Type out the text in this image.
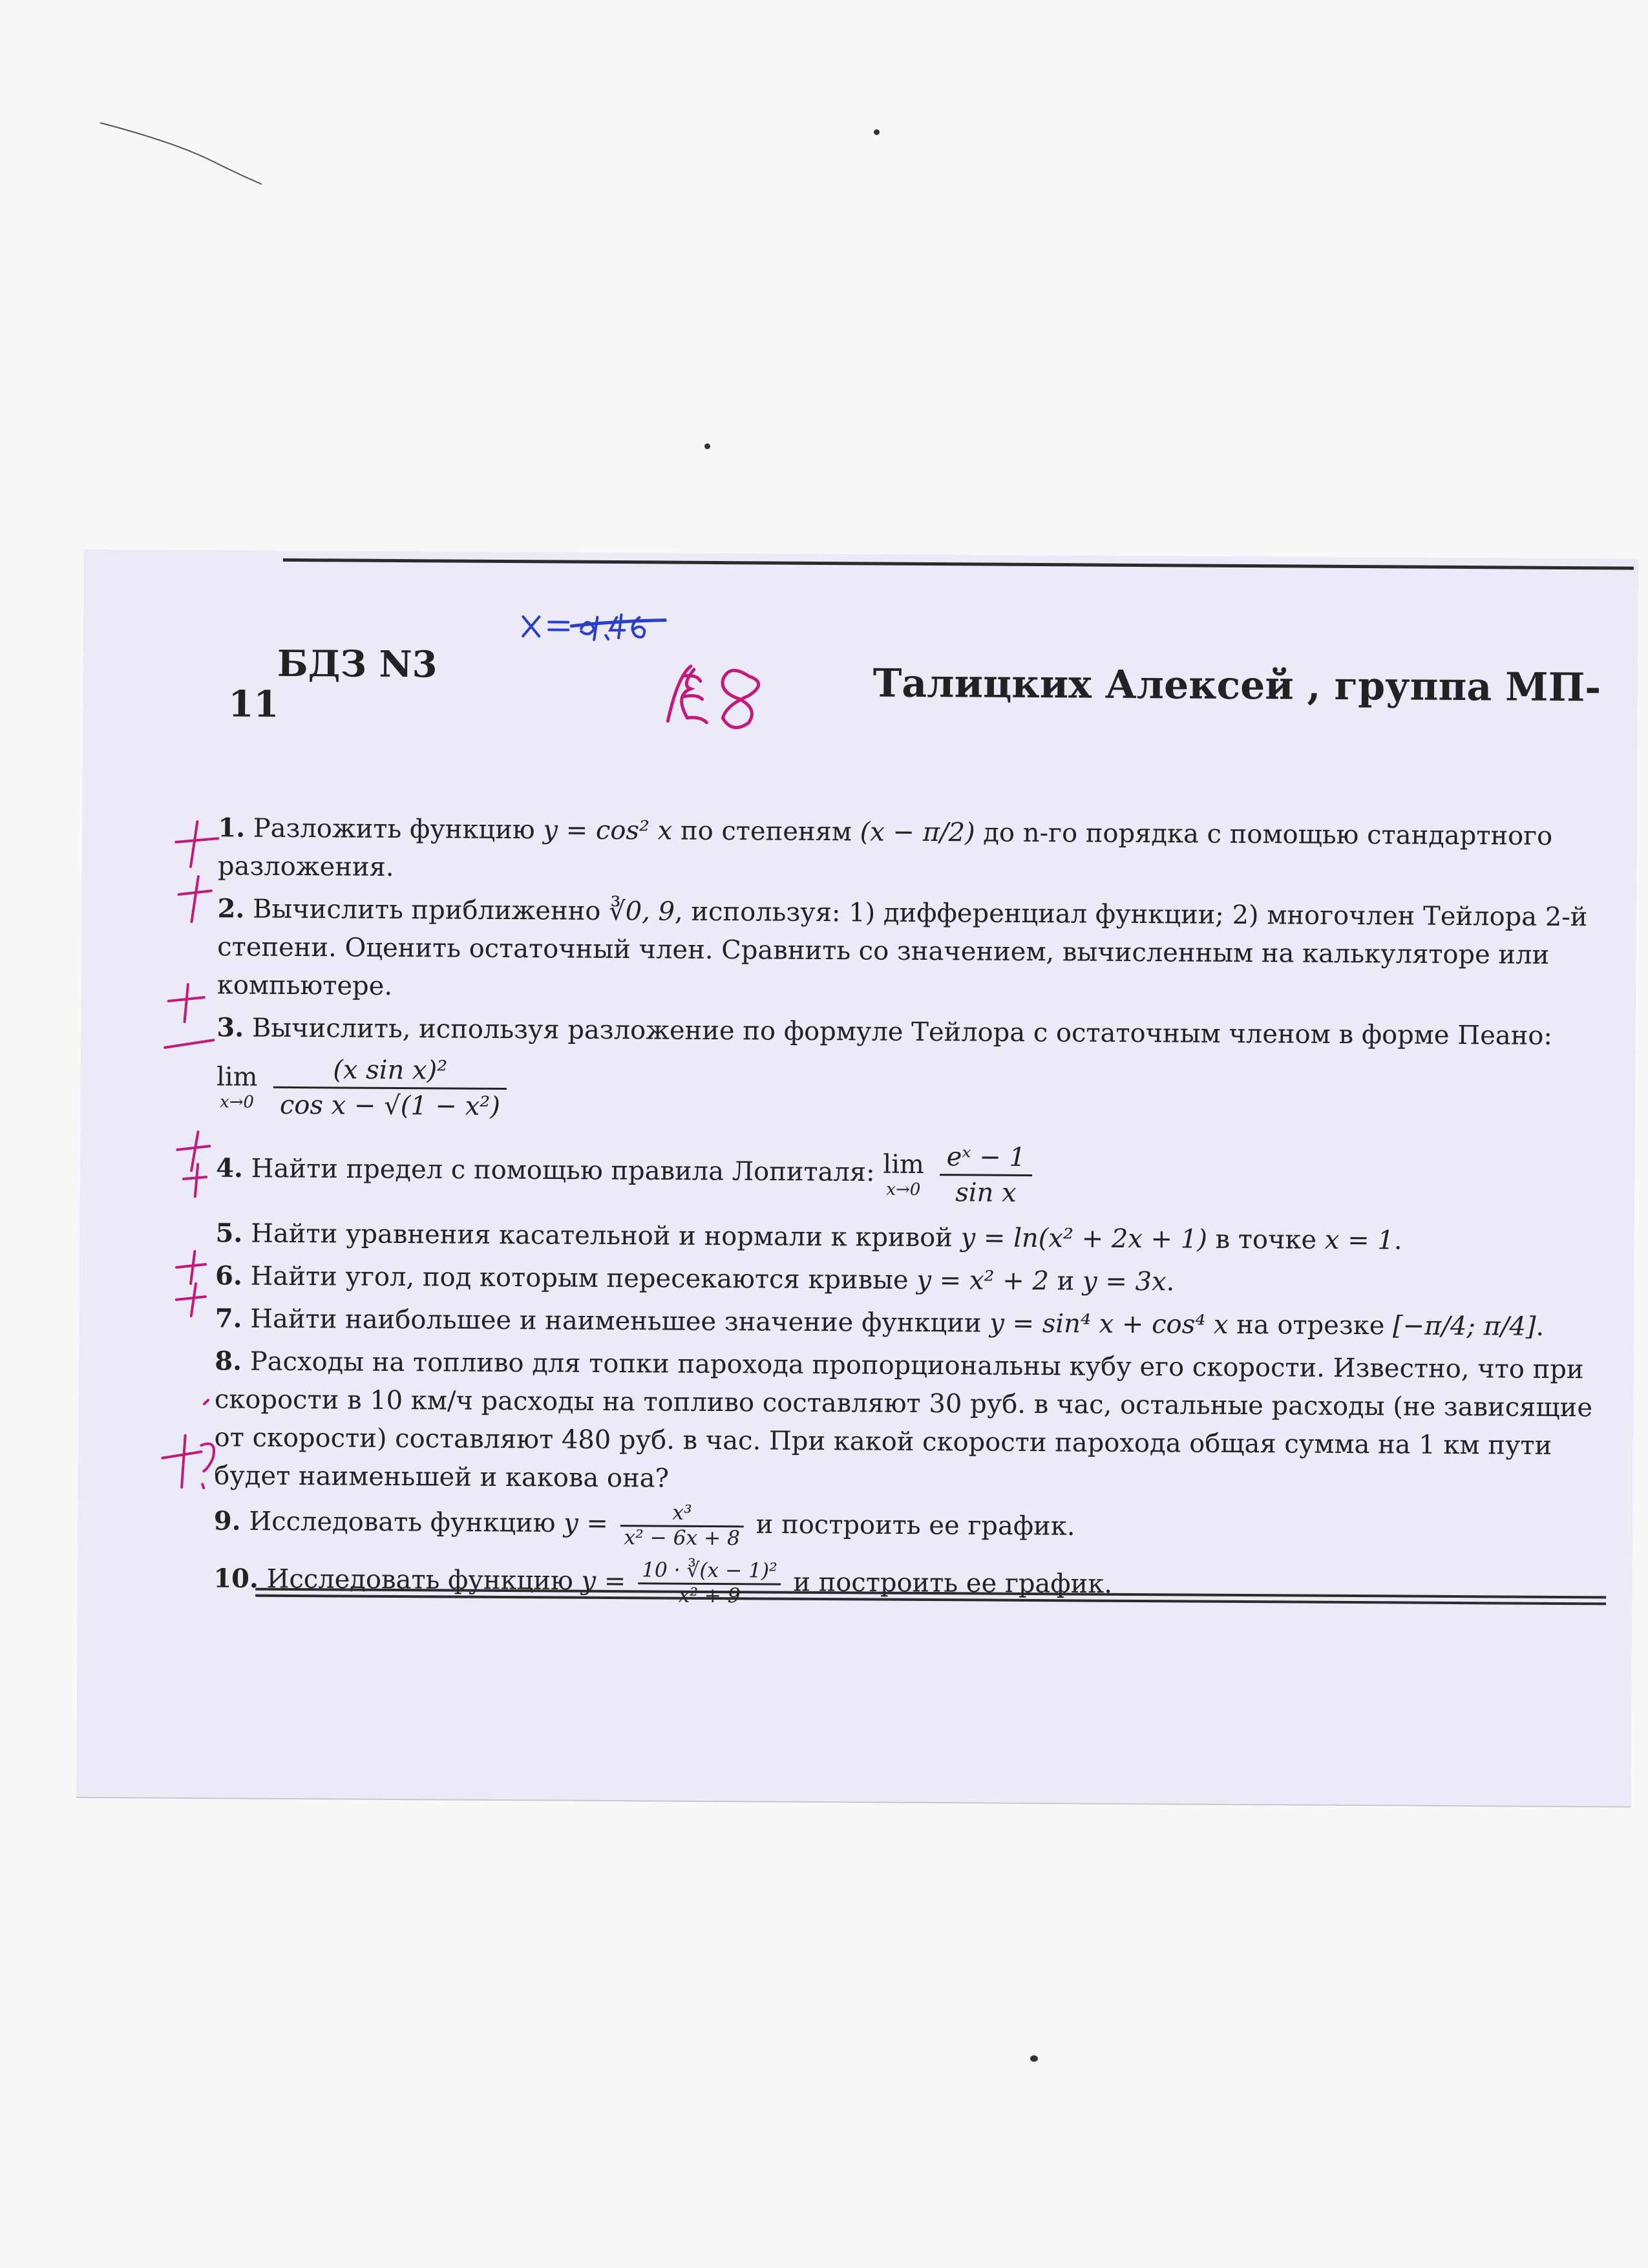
БДЗ N3
11	Талицких Алексей , группа МП-
1. Разложить функцию y = cos² x по степеням (x − π/2) до n-го порядка с помощью стандартного разложения.
2. Вычислить приближенно ∛0, 9, используя: 1) дифференциал функции; 2) многочлен Тейлора 2-й степени. Оценить остаточный член. Сравнить со значением, вычисленным на калькуляторе или компьютере.
3. Вычислить, используя разложение по формуле Тейлора с остаточным членом в форме Пеано:
lim
x→0
$\frac{\text{(x sin x)²}}{\text{cos x − √(1 − x²)}}$
4. Найти предел с помощью правила Лопиталя: lim
x→0
$\frac{\text{eˣ − 1}}{\text{sin x}}$
5. Найти уравнения касательной и нормали к кривой y = ln(x² + 2x + 1) в точке x = 1.
6. Найти угол, под которым пересекаются кривые y = x² + 2 и y = 3x.
7. Найти наибольшее и наименьшее значение функции y = sin⁴ x + cos⁴ x на отрезке [−π/4; π/4].
8. Расходы на топливо для топки парохода пропорциональны кубу его скорости. Известно, что при скорости в 10 км/ч расходы на топливо составляют 30 руб. в час, остальные расходы (не зависящие от скорости) составляют 480 руб. в час. При какой скорости парохода общая сумма на 1 км пути будет наименьшей и какова она?
9. Исследовать функцию $y = \frac{\text{x³}}{\text{x² − 6x + 8}}$ и построить ее график.
10. Исследовать функцию $y = \frac{\text{10 · ∛(x − 1)²}}{\text{x² + 9}}$ и построить ее график.
